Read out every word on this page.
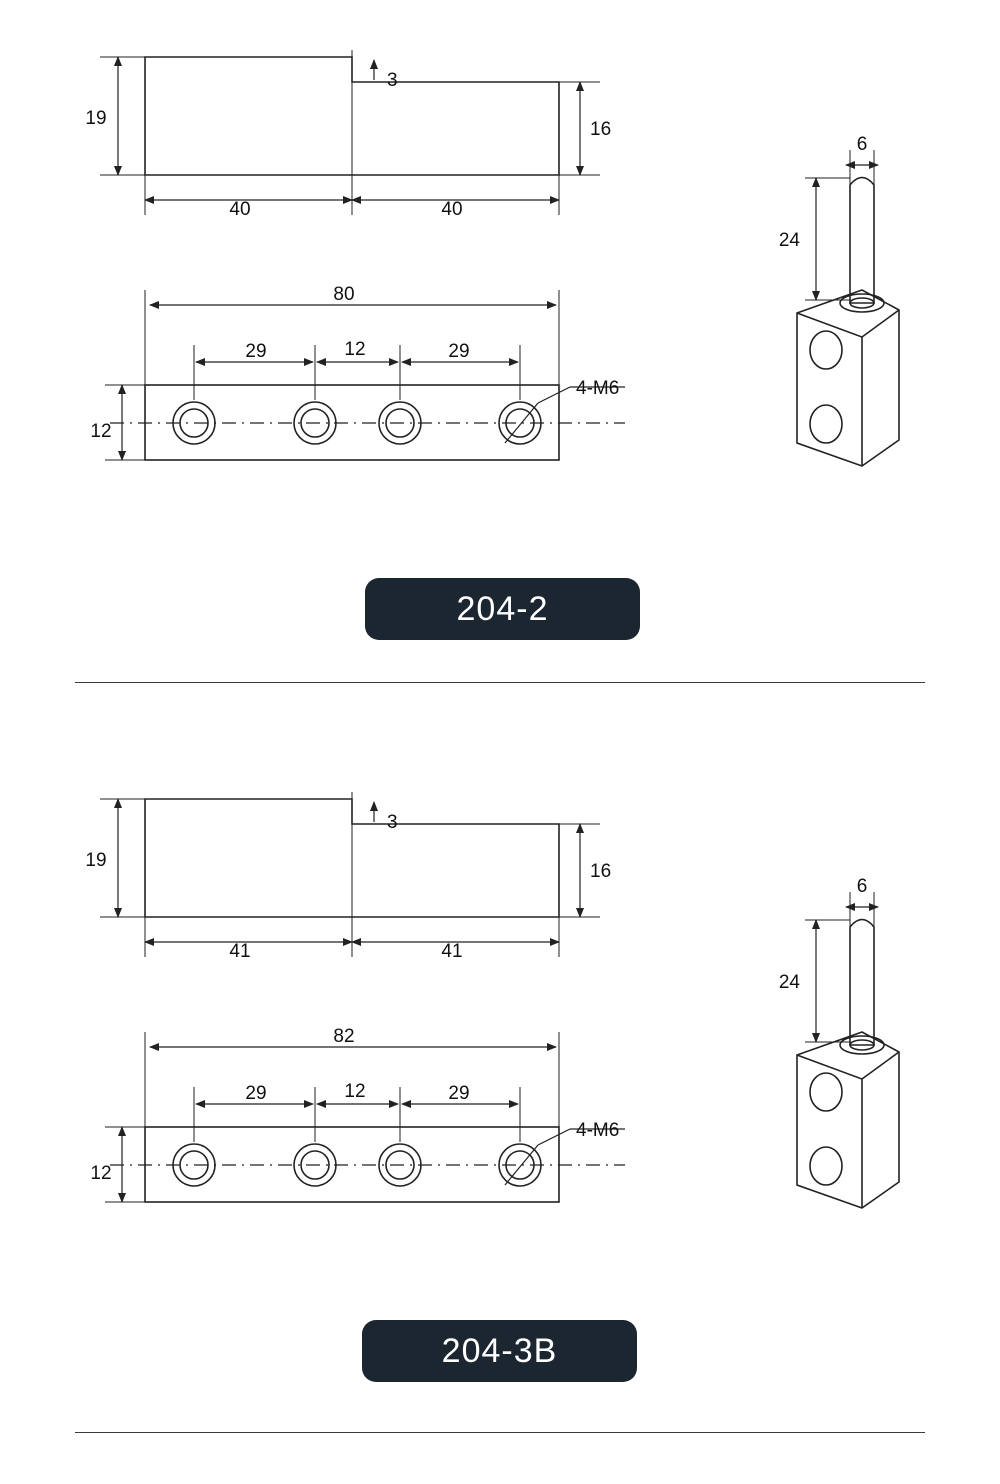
19
3
16
40	40
80
29	12	29
12
4-M6
6
24
204-2
19
3
16
41	41
82
29	12	29
12
4-M6
6
24
204-3B
